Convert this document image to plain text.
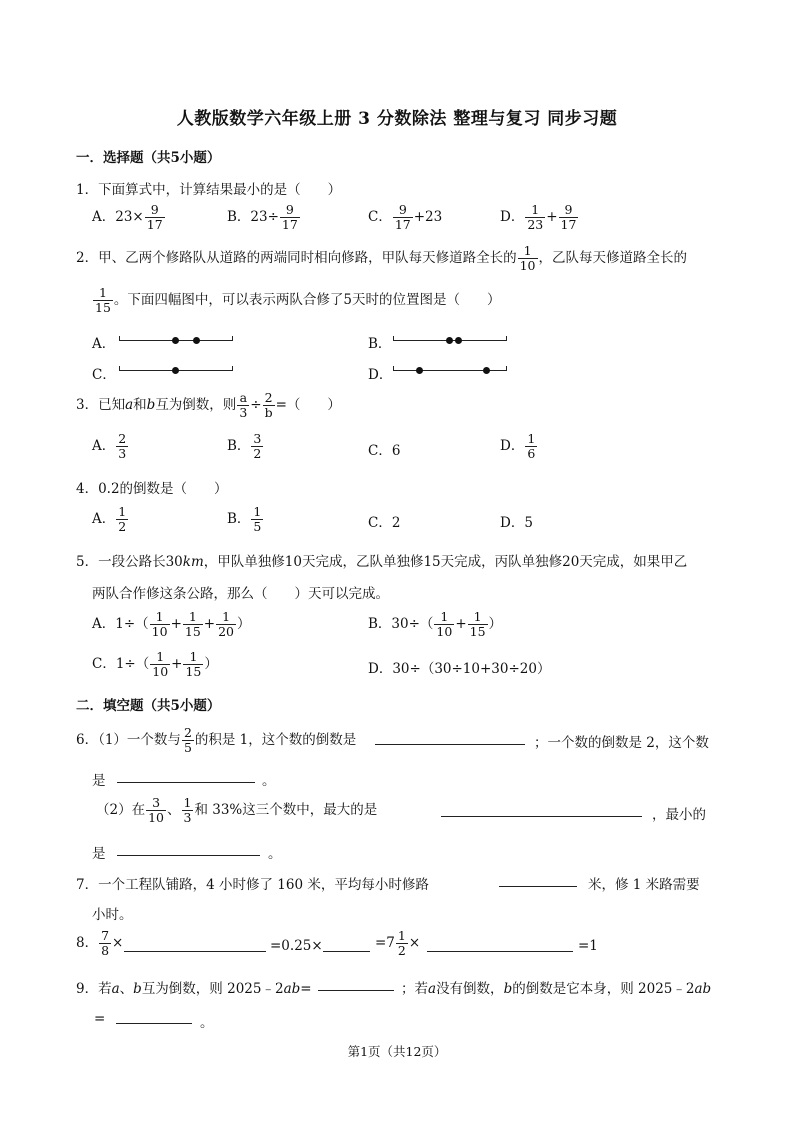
人教版数学六年级上册 3 分数除法 整理与复习 同步习题
一．选择题（共5小题）
1．下面算式中，计算结果最小的是（　　）
A．$23\times \frac{9}{17}$	B．$23\div \frac{9}{17}$	C． $\frac{9}{17} +23$	D． $\frac{1}{23} + \frac{9}{17}$
2．甲、乙两个修路队从道路的两端同时相向修路，甲队每天修道路全长的 $\frac{1}{10}$ ，乙队每天修道路全长的
$\frac{1}{15}$ 。下面四幅图中，可以表示两队合修了5天时的位置图是（　　）
A．	B．
C．	D．
3．已知a和b互为倒数，则 $\frac{a}{3} \div \frac{2}{b}$ =（　　）
A． $\frac{2}{3}$	B． $\frac{3}{2}$	C．6	D． $\frac{1}{6}$
4．0.2的倒数是（　　）
A． $\frac{1}{2}$	B． $\frac{1}{5}$	C．2	D．5
5．一段公路长30km，甲队单独修10天完成，乙队单独修15天完成，丙队单独修20天完成，如果甲乙
两队合作修这条公路，那么（　　）天可以完成。
A．$1\div( \frac{1}{10} + \frac{1}{15} + \frac{1}{20}$ ）	B．$30\div( \frac{1}{10} + \frac{1}{15}$ ）
C．$1\div( \frac{1}{10} + \frac{1}{15}$ ）	D．30÷（30÷10+30÷20）
二．填空题（共5小题）
6．（1）一个数与 $\frac{2}{5}$ 的积是 1，这个数的倒数是	；一个数的倒数是 2，这个数
是	。
（2）在 $\frac{3}{10}$ 、 $\frac{1}{3}$ 和 33%这三个数中，最大的是	，最小的
是	。
7．一个工程队铺路，4 小时修了 160 米，平均每小时修路	米，修 1 米路需要
小时。
8． $\frac{7}{8}$ ×	=0.25×	$=7 \frac{1}{2}$ ×	=1
9．若a、b互为倒数，则 2025﹣2ab=	；若a没有倒数，b的倒数是它本身，则 2025﹣2ab
=	。
第1页（共12页）
